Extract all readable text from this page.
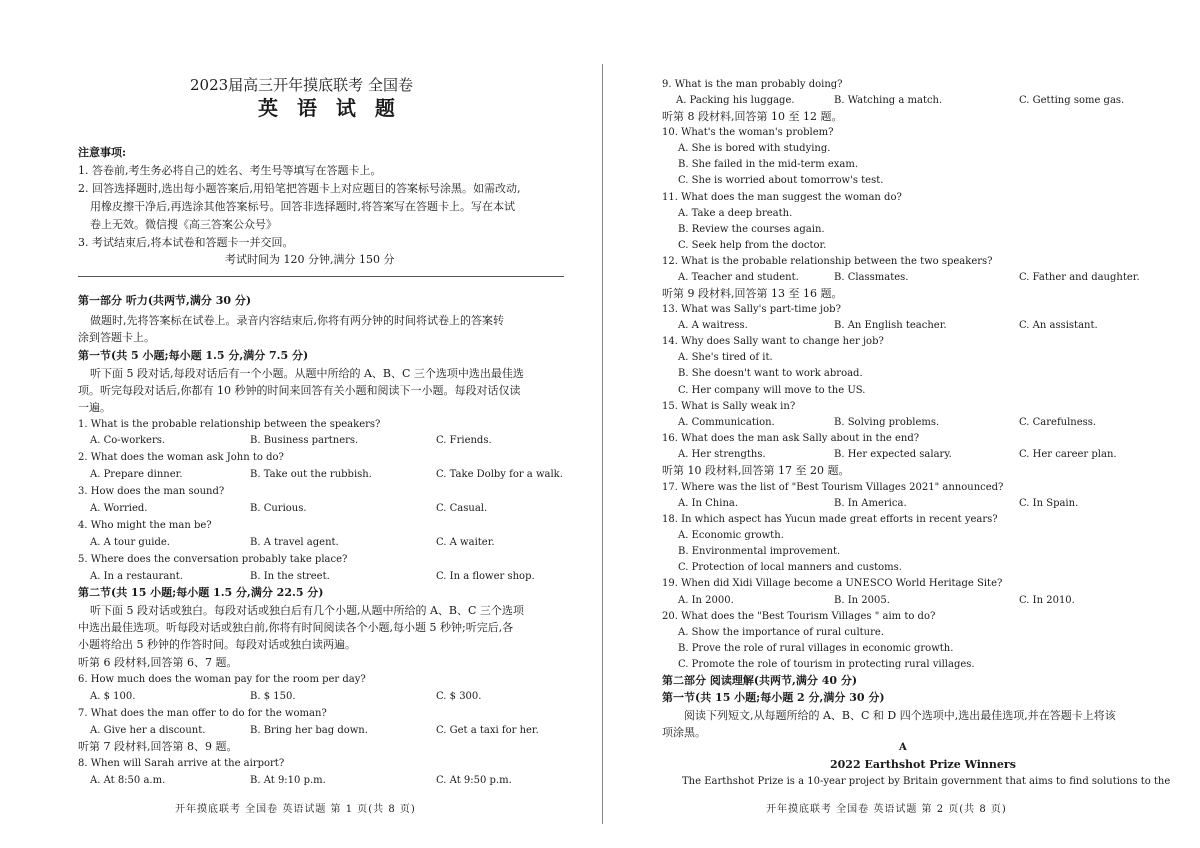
2023届高三开年摸底联考 全国卷
英 语 试 题
注意事项:
1. 答卷前,考生务必将自己的姓名、考生号等填写在答题卡上。
2. 回答选择题时,选出每小题答案后,用铅笔把答题卡上对应题目的答案标号涂黑。如需改动,
用橡皮擦干净后,再选涂其他答案标号。回答非选择题时,将答案写在答题卡上。写在本试
卷上无效。微信搜《高三答案公众号》
3. 考试结束后,将本试卷和答题卡一并交回。
考试时间为 120 分钟,满分 150 分
第一部分 听力(共两节,满分 30 分)
做题时,先将答案标在试卷上。录音内容结束后,你将有两分钟的时间将试卷上的答案转
涂到答题卡上。
第一节(共 5 小题;每小题 1.5 分,满分 7.5 分)
听下面 5 段对话,每段对话后有一个小题。从题中所给的 A、B、C 三个选项中选出最佳选
项。听完每段对话后,你都有 10 秒钟的时间来回答有关小题和阅读下一小题。每段对话仅读
一遍。
1. What is the probable relationship between the speakers?
A. Co-workers.	B. Business partners.	C. Friends.
2. What does the woman ask John to do?
A. Prepare dinner.	B. Take out the rubbish.	C. Take Dolby for a walk.
3. How does the man sound?
A. Worried.	B. Curious.	C. Casual.
4. Who might the man be?
A. A tour guide.	B. A travel agent.	C. A waiter.
5. Where does the conversation probably take place?
A. In a restaurant.	B. In the street.	C. In a flower shop.
第二节(共 15 小题;每小题 1.5 分,满分 22.5 分)
听下面 5 段对话或独白。每段对话或独白后有几个小题,从题中所给的 A、B、C 三个选项
中选出最佳选项。听每段对话或独白前,你将有时间阅读各个小题,每小题 5 秒钟;听完后,各
小题将给出 5 秒钟的作答时间。每段对话或独白读两遍。
听第 6 段材料,回答第 6、7 题。
6. How much does the woman pay for the room per day?
A. $ 100.	B. $ 150.	C. $ 300.
7. What does the man offer to do for the woman?
A. Give her a discount.	B. Bring her bag down.	C. Get a taxi for her.
听第 7 段材料,回答第 8、9 题。
8. When will Sarah arrive at the airport?
A. At 8:50 a.m.	B. At 9:10 p.m.	C. At 9:50 p.m.
开年摸底联考 全国卷 英语试题 第 1 页(共 8 页)
9. What is the man probably doing?
A. Packing his luggage.	B. Watching a match.	C. Getting some gas.
听第 8 段材料,回答第 10 至 12 题。
10. What's the woman's problem?
A. She is bored with studying.
B. She failed in the mid-term exam.
C. She is worried about tomorrow's test.
11. What does the man suggest the woman do?
A. Take a deep breath.
B. Review the courses again.
C. Seek help from the doctor.
12. What is the probable relationship between the two speakers?
A. Teacher and student.	B. Classmates.	C. Father and daughter.
听第 9 段材料,回答第 13 至 16 题。
13. What was Sally's part-time job?
A. A waitress.	B. An English teacher.	C. An assistant.
14. Why does Sally want to change her job?
A. She's tired of it.
B. She doesn't want to work abroad.
C. Her company will move to the US.
15. What is Sally weak in?
A. Communication.	B. Solving problems.	C. Carefulness.
16. What does the man ask Sally about in the end?
A. Her strengths.	B. Her expected salary.	C. Her career plan.
听第 10 段材料,回答第 17 至 20 题。
17. Where was the list of "Best Tourism Villages 2021" announced?
A. In China.	B. In America.	C. In Spain.
18. In which aspect has Yucun made great efforts in recent years?
A. Economic growth.
B. Environmental improvement.
C. Protection of local manners and customs.
19. When did Xidi Village become a UNESCO World Heritage Site?
A. In 2000.	B. In 2005.	C. In 2010.
20. What does the "Best Tourism Villages " aim to do?
A. Show the importance of rural culture.
B. Prove the role of rural villages in economic growth.
C. Promote the role of tourism in protecting rural villages.
第二部分 阅读理解(共两节,满分 40 分)
第一节(共 15 小题;每小题 2 分,满分 30 分)
阅读下列短文,从每题所给的 A、B、C 和 D 四个选项中,选出最佳选项,并在答题卡上将该
项涂黑。
A
2022 Earthshot Prize Winners
The Earthshot Prize is a 10-year project by Britain government that aims to find solutions to the
开年摸底联考 全国卷 英语试题 第 2 页(共 8 页)
